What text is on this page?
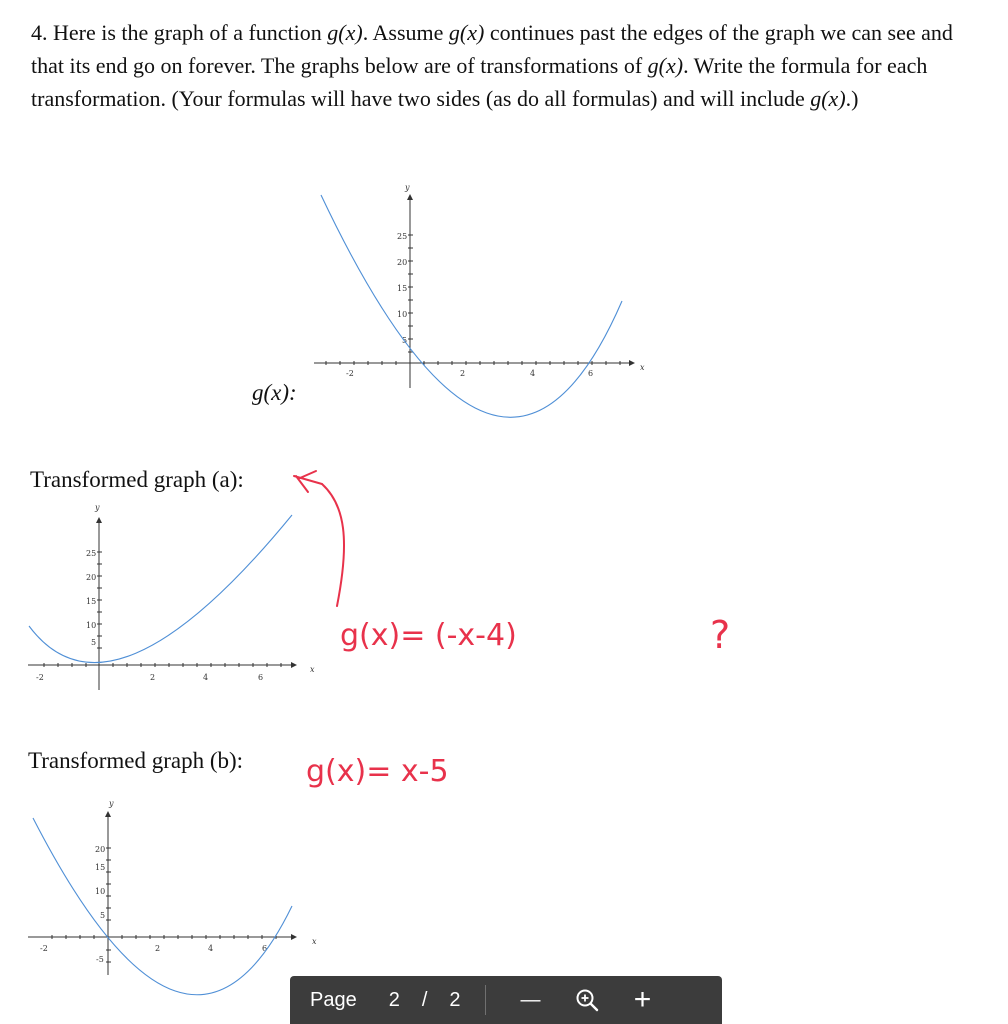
4. Here is the graph of a function g(x). Assume g(x) continues past the edges of the graph we can see and that its end go on forever. The graphs below are of transformations of g(x). Write the formula for each transformation. (Your formulas will have two sides (as do all formulas) and will include g(x).)

g(x):
Transformed graph (a):
Transformed graph (b):
-2	2	4	6
25
20
15
10
5
x
y
-2	2	4	6
25
20
15
10
5
x
y
-2	2	4	6
20
15
10
5
-5
x
y
g(x)= (-x-4)	?
g(x)= x-5
Page 2 / 2	—	+
